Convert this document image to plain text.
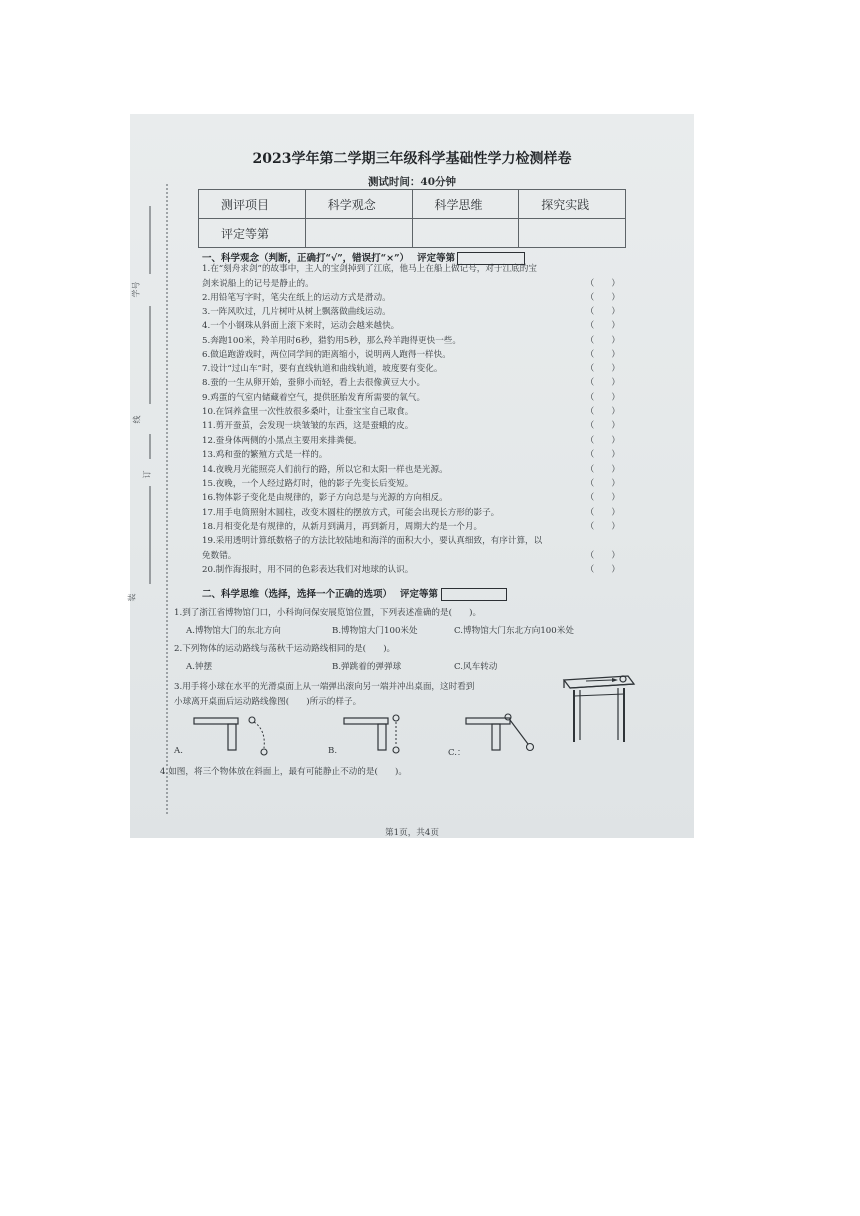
学号
线
订
装
2023学年第二学期三年级科学基础性学力检测样卷
测试时间：40分钟
测评项目	科学观念	科学思维	探究实践
评定等第			
一、科学观念（判断，正确打“√”，错误打“×”） 评定等第
1.在“刻舟求剑”的故事中，主人的宝剑掉到了江底，他马上在船上做记号，对于江底的宝
剑来说船上的记号是静止的。	（　　）
2.用铅笔写字时，笔尖在纸上的运动方式是滑动。	（　　）
3.一阵风吹过，几片树叶从树上飘落做曲线运动。	（　　）
4.一个小钢珠从斜面上滚下来时，运动会越来越快。	（　　）
5.奔跑100米，羚羊用时6秒，猎豹用5秒，那么羚羊跑得更快一些。	（　　）
6.做追跑游戏时，两位同学间的距离缩小，说明两人跑得一样快。	（　　）
7.设计“过山车”时，要有直线轨道和曲线轨道，坡度要有变化。	（　　）
8.蚕的一生从卵开始，蚕卵小而轻，看上去很像黄豆大小。	（　　）
9.鸡蛋的气室内储藏着空气，提供胚胎发育所需要的氧气。	（　　）
10.在饲养盒里一次性放很多桑叶，让蚕宝宝自己取食。	（　　）
11.剪开蚕茧，会发现一块皱皱的东西，这是蚕蛾的皮。	（　　）
12.蚕身体两侧的小黑点主要用来排粪便。	（　　）
13.鸡和蚕的繁殖方式是一样的。	（　　）
14.夜晚月光能照亮人们前行的路，所以它和太阳一样也是光源。	（　　）
15.夜晚，一个人经过路灯时，他的影子先变长后变短。	（　　）
16.物体影子变化是由规律的，影子方向总是与光源的方向相反。	（　　）
17.用手电筒照射木圆柱，改变木圆柱的摆放方式，可能会出现长方形的影子。	（　　）
18.月相变化是有规律的，从新月到满月，再到新月，周期大约是一个月。	（　　）
19.采用透明计算纸数格子的方法比较陆地和海洋的面积大小，要认真细致，有序计算，以
免数错。	（　　）
20.制作海报时，用不同的色彩表达我们对地球的认识。	（　　）
二、科学思维（选择，选择一个正确的选项） 评定等第
1.到了浙江省博物馆门口，小科询问保安展览馆位置，下列表述准确的是(　　)。
A.博物馆大门的东北方向	B.博物馆大门100米处	C.博物馆大门东北方向100米处
2.下列物体的运动路线与荡秋千运动路线相同的是(　　)。
A.钟摆	B.弹跳着的弹弹球	C.风车转动
3.用手将小球在水平的光滑桌面上从一端弹出滚向另一端并冲出桌面，这时看到
小球离开桌面后运动路线像图(　　)所示的样子。
A.	B.	C.：
4.如图，将三个物体放在斜面上，最有可能静止不动的是(　　)。
第1页，共4页
